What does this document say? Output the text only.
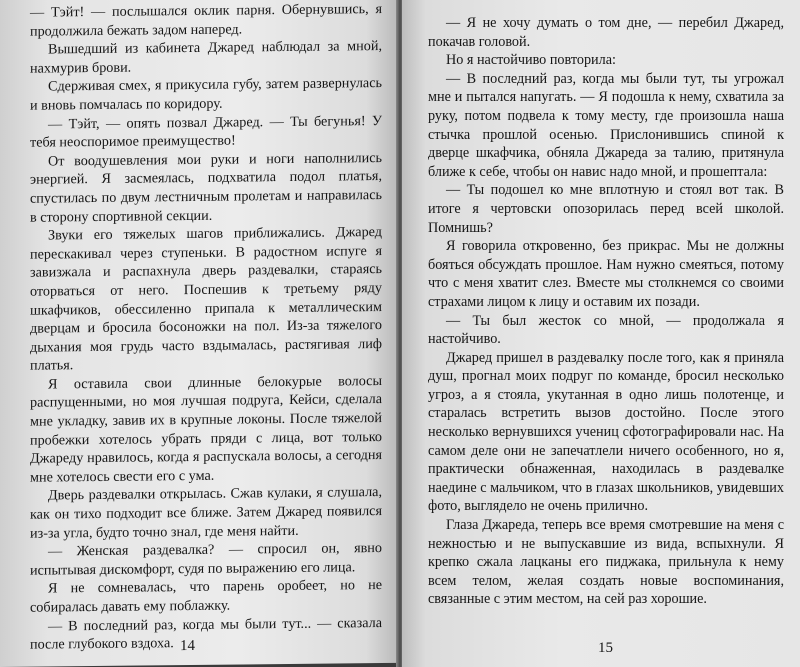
— Тэйт! — послышался оклик парня. Обернувшись, я продолжила бежать задом наперед.

Вышедший из кабинета Джаред наблюдал за мной, нахмурив брови.

Сдерживая смех, я прикусила губу, затем развернулась и вновь помчалась по коридору.

— Тэйт, — опять позвал Джаред. — Ты бегунья! У тебя неоспоримое преимущество!

От воодушевления мои руки и ноги наполнились энергией. Я засмеялась, подхватила подол платья, спустилась по двум лестничным пролетам и направилась в сторону спортивной секции.

Звуки его тяжелых шагов приближались. Джаред перескакивал через ступеньки. В радостном испуге я завизжала и распахнула дверь раздевалки, стараясь оторваться от него. Поспешив к третьему ряду шкафчиков, обессиленно припала к металлическим дверцам и бросила босоножки на пол. Из-за тяжелого дыхания моя грудь часто вздымалась, растягивая лиф платья.

Я оставила свои длинные белокурые волосы распущенными, но моя лучшая подруга, Кейси, сделала мне укладку, завив их в крупные локоны. После тяжелой пробежки хотелось убрать пряди с лица, вот только Джареду нравилось, когда я распускала волосы, а сегодня мне хотелось свести его с ума.

Дверь раздевалки открылась. Сжав кулаки, я слушала, как он тихо подходит все ближе. Затем Джаред появился из-за угла, будто точно знал, где меня найти.

— Женская раздевалка? — спросил он, явно испытывая дискомфорт, судя по выражению его лица.

Я не сомневалась, что парень оробеет, но не собиралась давать ему поблажку.

— В последний раз, когда мы были тут... — сказала после глубокого вздоха. 14

— Я не хочу думать о том дне, — перебил Джаред, покачав головой.

Но я настойчиво повторила:

— В последний раз, когда мы были тут, ты угрожал мне и пытался напугать. — Я подошла к нему, схватила за руку, потом подвела к тому месту, где произошла наша стычка прошлой осенью. Прислонившись спиной к дверце шкафчика, обняла Джареда за талию, притянула ближе к себе, чтобы он навис надо мной, и прошептала:

— Ты подошел ко мне вплотную и стоял вот так. В итоге я чертовски опозорилась перед всей школой. Помнишь?

Я говорила откровенно, без прикрас. Мы не должны бояться обсуждать прошлое. Нам нужно смеяться, потому что с меня хватит слез. Вместе мы столкнемся со своими страхами лицом к лицу и оставим их позади.

— Ты был жесток со мной, — продолжала я настойчиво.

Джаред пришел в раздевалку после того, как я приняла душ, прогнал моих подруг по команде, бросил несколько угроз, а я стояла, укутанная в одно лишь полотенце, и старалась встретить вызов достойно. После этого несколько вернувшихся учениц сфотографировали нас. На самом деле они не запечатлели ничего особенного, но я, практически обнаженная, находилась в раздевалке наедине с мальчиком, что в глазах школьников, увидевших фото, выглядело не очень прилично.

Глаза Джареда, теперь все время смотревшие на меня с нежностью и не выпускавшие из вида, вспыхнули. Я крепко сжала лацканы его пиджака, прильнула к нему всем телом, желая создать новые воспоминания, связанные с этим местом, на сей раз хорошие.

15
